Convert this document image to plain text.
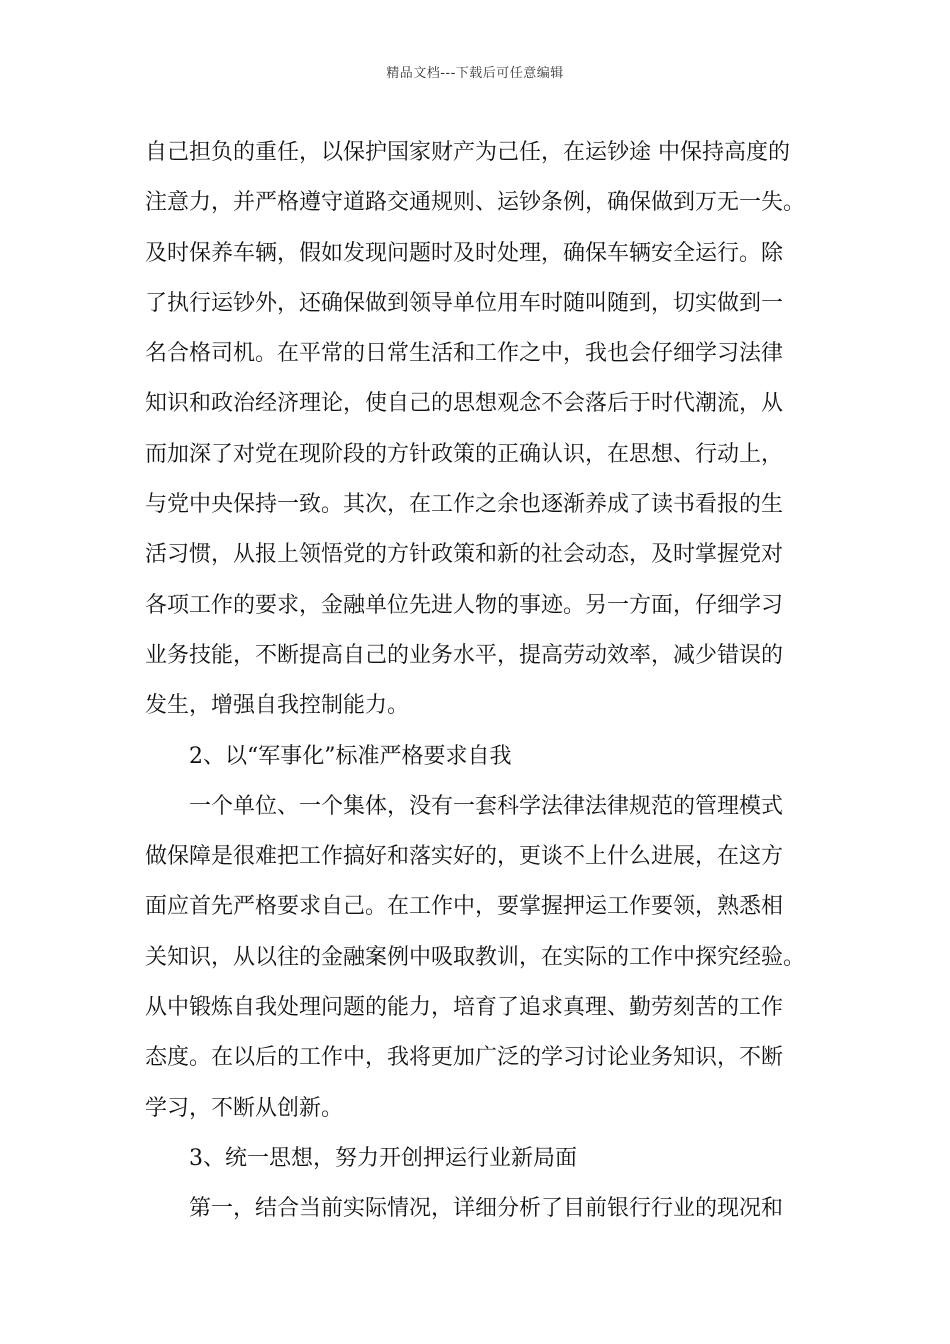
精品文档---下载后可任意编辑
自己担负的重任，以保护国家财产为己任，在运钞途 中保持高度的
注意力，并严格遵守道路交通规则、运钞条例，确保做到万无一失。
及时保养车辆，假如发现问题时及时处理，确保车辆安全运行。除
了执行运钞外，还确保做到领导单位用车时随叫随到，切实做到一
名合格司机。在平常的日常生活和工作之中，我也会仔细学习法律
知识和政治经济理论，使自己的思想观念不会落后于时代潮流，从
而加深了对党在现阶段的方针政策的正确认识，在思想、行动上，
与党中央保持一致。其次，在工作之余也逐渐养成了读书看报的生
活习惯，从报上领悟党的方针政策和新的社会动态，及时掌握党对
各项工作的要求，金融单位先进人物的事迹。另一方面，仔细学习
业务技能，不断提高自己的业务水平，提高劳动效率，减少错误的
发生，增强自我控制能力。
2、以“军事化”标准严格要求自我
一个单位、一个集体，没有一套科学法律法律规范的管理模式
做保障是很难把工作搞好和落实好的，更谈不上什么进展，在这方
面应首先严格要求自己。在工作中，要掌握押运工作要领，熟悉相
关知识，从以往的金融案例中吸取教训，在实际的工作中探究经验。
从中锻炼自我处理问题的能力，培育了追求真理、勤劳刻苦的工作
态度。在以后的工作中，我将更加广泛的学习讨论业务知识，不断
学习，不断从创新。
3、统一思想，努力开创押运行业新局面
第一，结合当前实际情况，详细分析了目前银行行业的现况和
